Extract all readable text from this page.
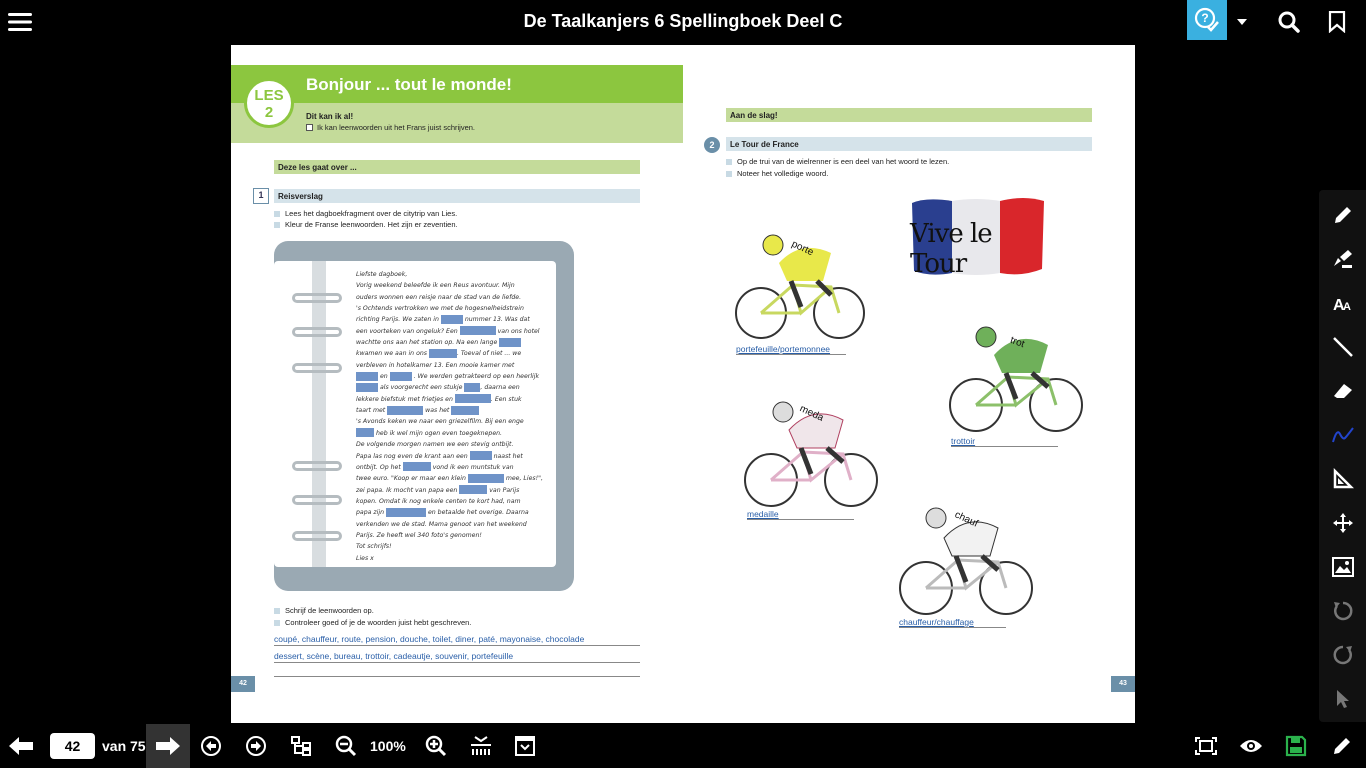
De Taalkanjers 6 Spellingboek Deel C	?
LES
2
Bonjour ... tout le monde!
Dit kan ik al!
Ik kan leenwoorden uit het Frans juist schrijven.
Deze les gaat over ...
1	Reisverslag
Lees het dagboekfragment over de citytrip van Lies.
Kleur de Franse leenwoorden. Het zijn er zeventien.
Liefste dagboek,
Vorig weekend beleefde ik een Reus avontuur. Mijn
ouders wonnen een reisje naar de stad van de liefde.
's Ochtends vertrokken we met de hogesnelheidstrein
richting Parijs. We zaten in	nummer 13. Was dat
een voorteken van ongeluk? Een	van ons hotel
wachtte ons aan het station op. Na een lange
kwamen we aan in ons	. Toeval of niet ... we
verbleven in hotelkamer 13. Een mooie kamer met
en	. We werden getrakteerd op een heerlijk
als voorgerecht een stukje	, daarna een
lekkere biefstuk met frietjes en	. Een stuk
taart met	was het
's Avonds keken we naar een griezelfilm. Bij een enge
heb ik wel mijn ogen even toegeknepen.
De volgende morgen namen we een stevig ontbijt.
Papa las nog even de krant aan een	naast het
ontbijt. Op het	vond ik een muntstuk van
twee euro. "Koop er maar een klein	mee, Lies!",
zei papa. Ik mocht van papa een	van Parijs
kopen. Omdat ik nog enkele centen te kort had, nam
papa zijn	en betaalde het overige. Daarna
verkenden we de stad. Mama genoot van het weekend
Parijs. Ze heeft wel 340 foto's genomen!
Tot schrijfs!
Lies x
Schrijf de leenwoorden op.
Controleer goed of je de woorden juist hebt geschreven.
coupé, chauffeur, route, pension, douche, toilet, diner, paté, mayonaise, chocolade
dessert, scène, bureau, trottoir, cadeautje, souvenir, portefeuille
42
Aan de slag!
2	Le Tour de France
Op de trui van de wielrenner is een deel van het woord te lezen.
Noteer het volledige woord.
Vive le Tour
porte
portefeuille/portemonnee	trot
trottoir
meda
medaille	chauf
chauffeur/chauffage
43
A
A
42
van 75	100%
